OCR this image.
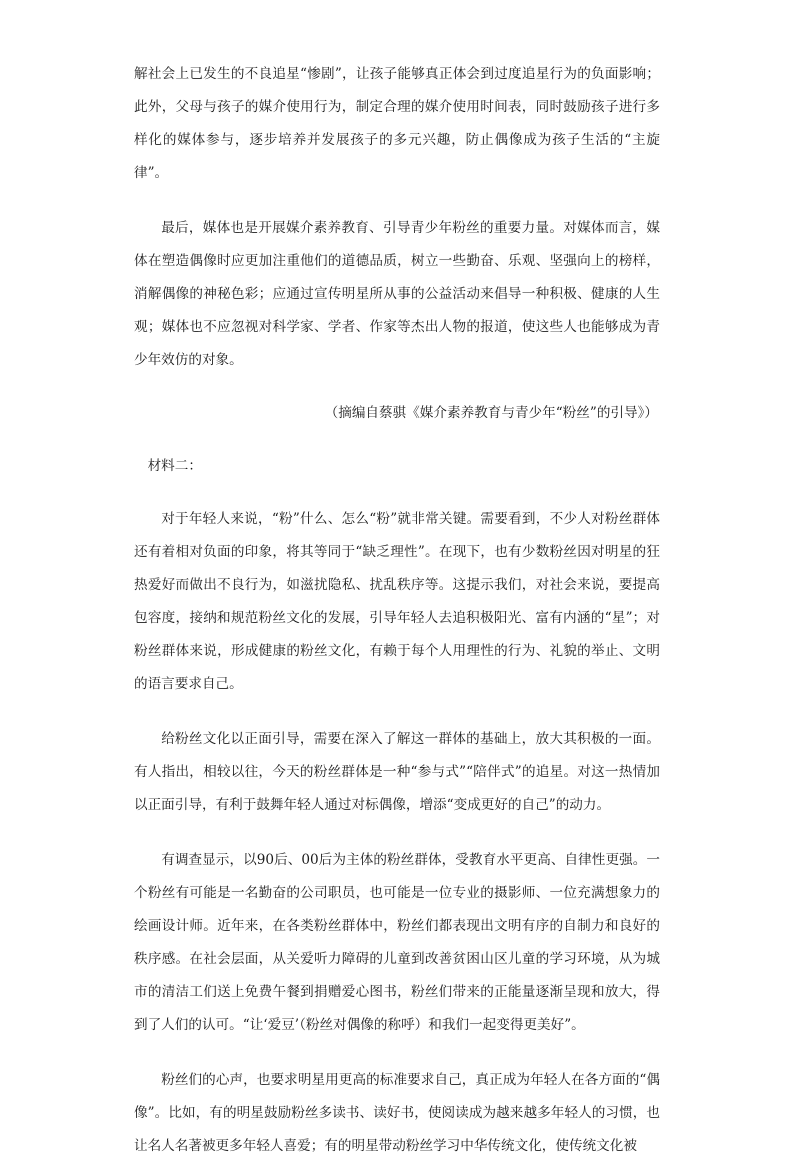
解社会上已发生的不良追星“惨剧”，让孩子能够真正体会到过度追星行为的负面影响；此外，父母与孩子的媒介使用行为，制定合理的媒介使用时间表，同时鼓励孩子进行多样化的媒体参与，逐步培养并发展孩子的多元兴趣，防止偶像成为孩子生活的“主旋律”。

最后，媒体也是开展媒介素养教育、引导青少年粉丝的重要力量。对媒体而言，媒体在塑造偶像时应更加注重他们的道德品质，树立一些勤奋、乐观、坚强向上的榜样，消解偶像的神秘色彩；应通过宣传明星所从事的公益活动来倡导一种积极、健康的人生观；媒体也不应忽视对科学家、学者、作家等杰出人物的报道，使这些人也能够成为青少年效仿的对象。

（摘编自蔡骐《媒介素养教育与青少年“粉丝”的引导》）

材料二：

对于年轻人来说，“粉”什么、怎么“粉”就非常关键。需要看到，不少人对粉丝群体还有着相对负面的印象，将其等同于“缺乏理性”。在现下，也有少数粉丝因对明星的狂热爱好而做出不良行为，如滋扰隐私、扰乱秩序等。这提示我们，对社会来说，要提高包容度，接纳和规范粉丝文化的发展，引导年轻人去追积极阳光、富有内涵的“星”；对粉丝群体来说，形成健康的粉丝文化，有赖于每个人用理性的行为、礼貌的举止、文明的语言要求自己。

给粉丝文化以正面引导，需要在深入了解这一群体的基础上，放大其积极的一面。有人指出，相较以往，今天的粉丝群体是一种“参与式”“陪伴式”的追星。对这一热情加以正面引导，有利于鼓舞年轻人通过对标偶像，增添“变成更好的自己”的动力。

有调查显示，以90后、00后为主体的粉丝群体，受教育水平更高、自律性更强。一个粉丝有可能是一名勤奋的公司职员，也可能是一位专业的摄影师、一位充满想象力的绘画设计师。近年来，在各类粉丝群体中，粉丝们都表现出文明有序的自制力和良好的秩序感。在社会层面，从关爱听力障碍的儿童到改善贫困山区儿童的学习环境，从为城市的清洁工们送上免费午餐到捐赠爱心图书，粉丝们带来的正能量逐渐呈现和放大，得到了人们的认可。“让‘爱豆’（粉丝对偶像的称呼）和我们一起变得更美好”。

粉丝们的心声，也要求明星用更高的标准要求自己，真正成为年轻人在各方面的“偶像”。比如，有的明星鼓励粉丝多读书、读好书，使阅读成为越来越多年轻人的习惯，也让名人名著被更多年轻人喜爱；有的明星带动粉丝学习中华传统文化，使传统文化被
